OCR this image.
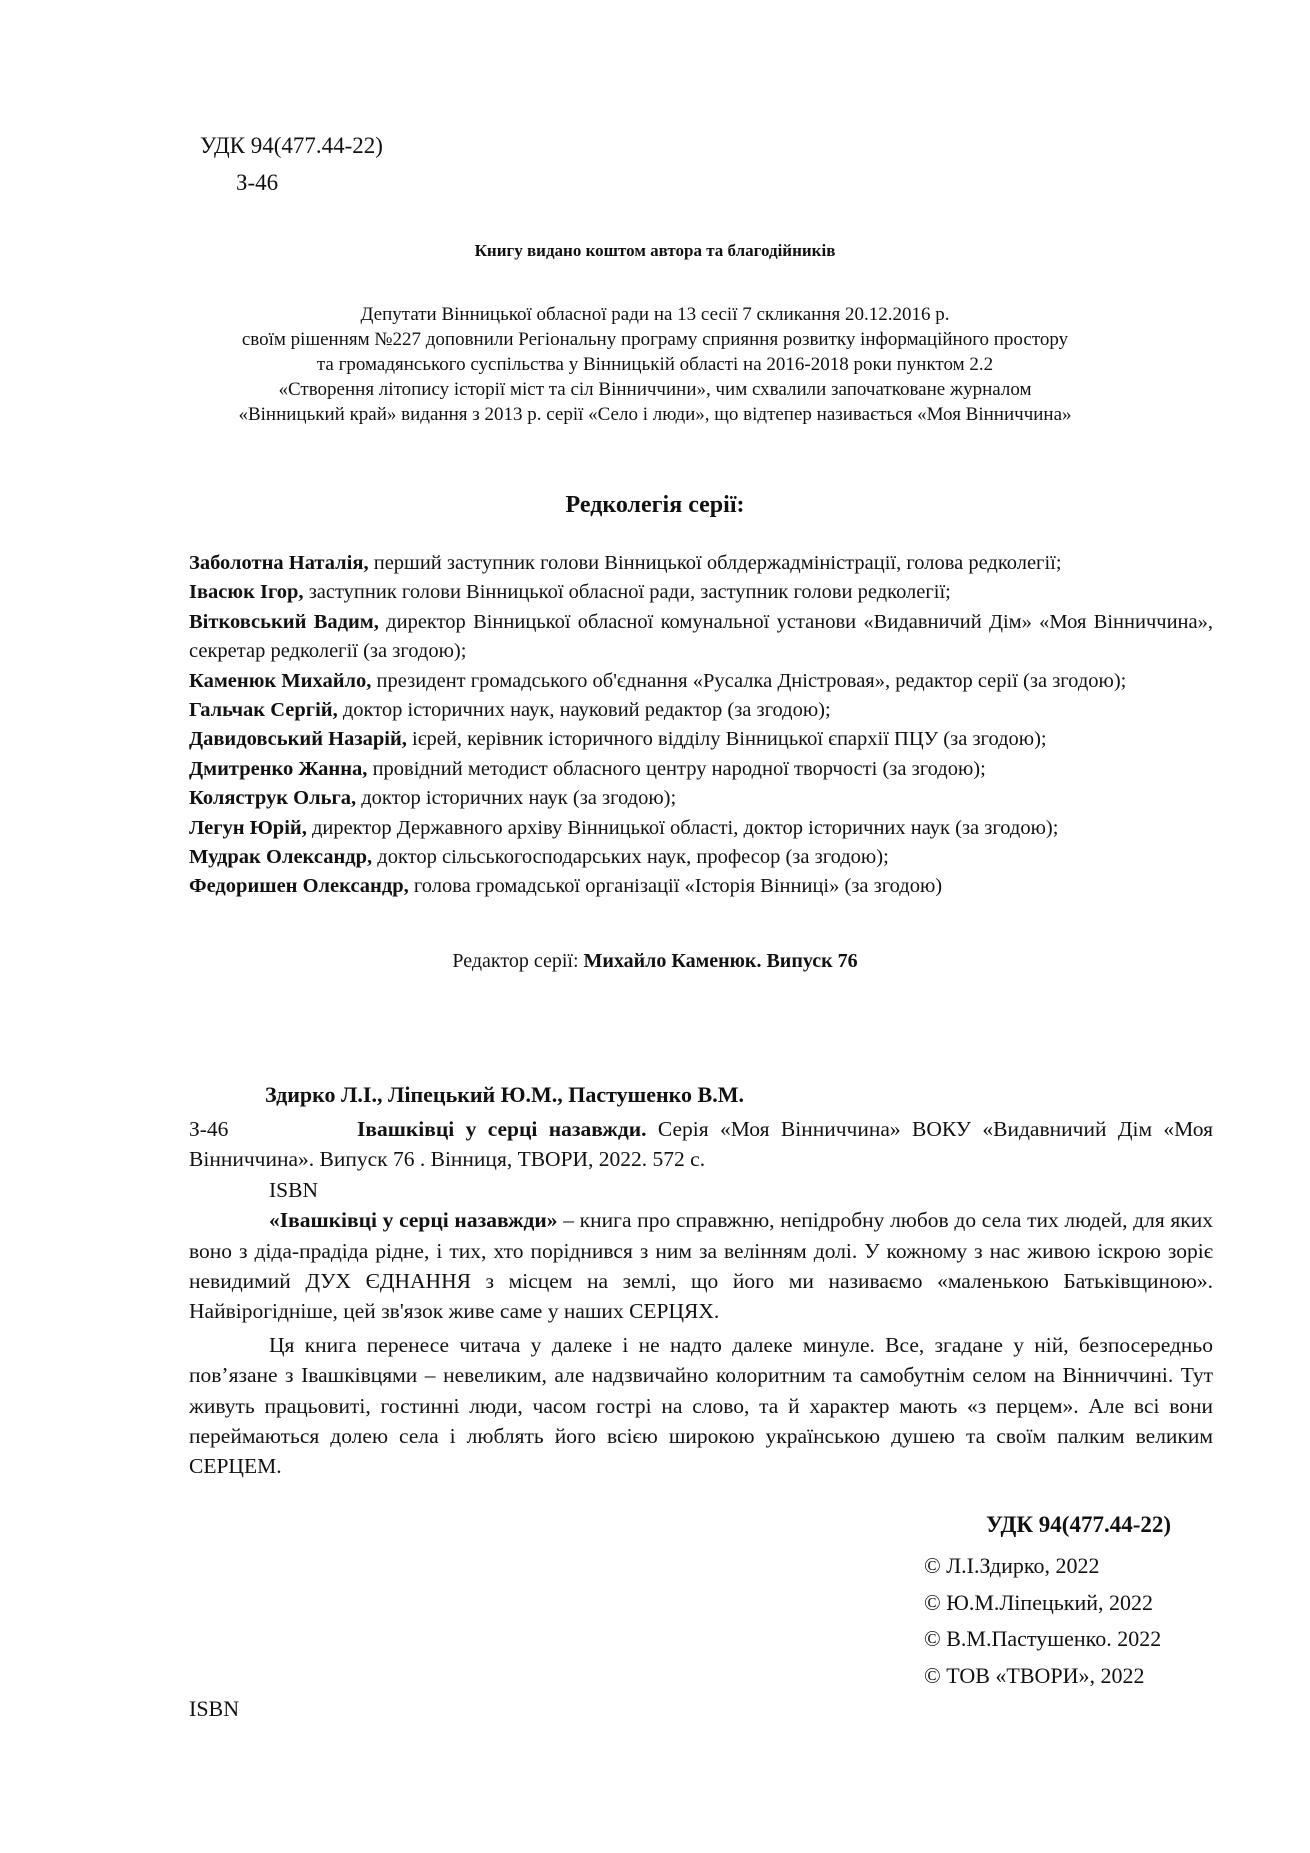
УДК 94(477.44-22)
З-46
Книгу видано коштом автора та благодійників
Депутати Вінницької обласної ради на 13 сесії 7 скликання 20.12.2016 р.
своїм рішенням №227 доповнили Регіональну програму сприяння розвитку інформаційного простору
та громадянського суспільства у Вінницькій області на 2016-2018 роки пунктом 2.2
«Створення літопису історії міст та сіл Вінниччини», чим схвалили започатковане журналом
«Вінницький край» видання з 2013 р. серії «Село і люди», що відтепер називається «Моя Вінниччина»
Редколегія серії:
Заболотна Наталія, перший заступник голови Вінницької облдержадміністрації, голова редколегії;
Івасюк Ігор, заступник голови Вінницької обласної ради, заступник голови редколегії;
Вітковський Вадим, директор Вінницької обласної комунальної установи «Видавничий Дім» «Моя Вінниччина», секретар редколегії (за згодою);
Каменюк Михайло, президент громадського об'єднання «Русалка Дністровая», редактор серії (за згодою);
Гальчак Сергій, доктор історичних наук, науковий редактор (за згодою);
Давидовський Назарій, ієрей, керівник історичного відділу Вінницької єпархії ПЦУ (за згодою);
Дмитренко Жанна, провідний методист обласного центру народної творчості (за згодою);
Коляструк Ольга, доктор історичних наук (за згодою);
Легун Юрій, директор Державного архіву Вінницької області, доктор історичних наук (за згодою);
Мудрак Олександр, доктор сільськогосподарських наук, професор (за згодою);
Федоришен Олександр, голова громадської організації «Історія Вінниці» (за згодою)
Редактор серії: Михайло Каменюк. Випуск 76
Здирко Л.І., Ліпецький Ю.М., Пастушенко В.М.
З-46	Івашківці у серці назавжди. Серія «Моя Вінниччина» ВОКУ «Видавничий Дім «Моя Вінниччина». Випуск 76 . Вінниця, ТВОРИ, 2022. 572 с.
ISBN
«Івашківці у серці назавжди» – книга про справжню, непідробну любов до села тих людей, для яких воно з діда-прадіда рідне, і тих, хто поріднився з ним за велінням долі. У кожному з нас живою іскрою зоріє невидимий ДУХ ЄДНАННЯ з місцем на землі, що його ми називаємо «маленькою Батьківщиною». Найвірогідніше, цей зв'язок живе саме у наших СЕРЦЯХ.
Ця книга перенесе читача у далеке і не надто далеке минуле. Все, згадане у ній, безпосередньо пов’язане з Івашківцями – невеликим, але надзвичайно колоритним та самобутнім селом на Вінниччині. Тут живуть працьовиті, гостинні люди, часом гострі на слово, та й характер мають «з перцем». Але всі вони переймаються долею села і люблять його всією широкою українською душею та своїм палким великим СЕРЦЕМ.
УДК 94(477.44-22)
© Л.І.Здирко, 2022
© Ю.М.Ліпецький, 2022
© В.М.Пастушенко. 2022
© ТОВ «ТВОРИ», 2022
ISBN
